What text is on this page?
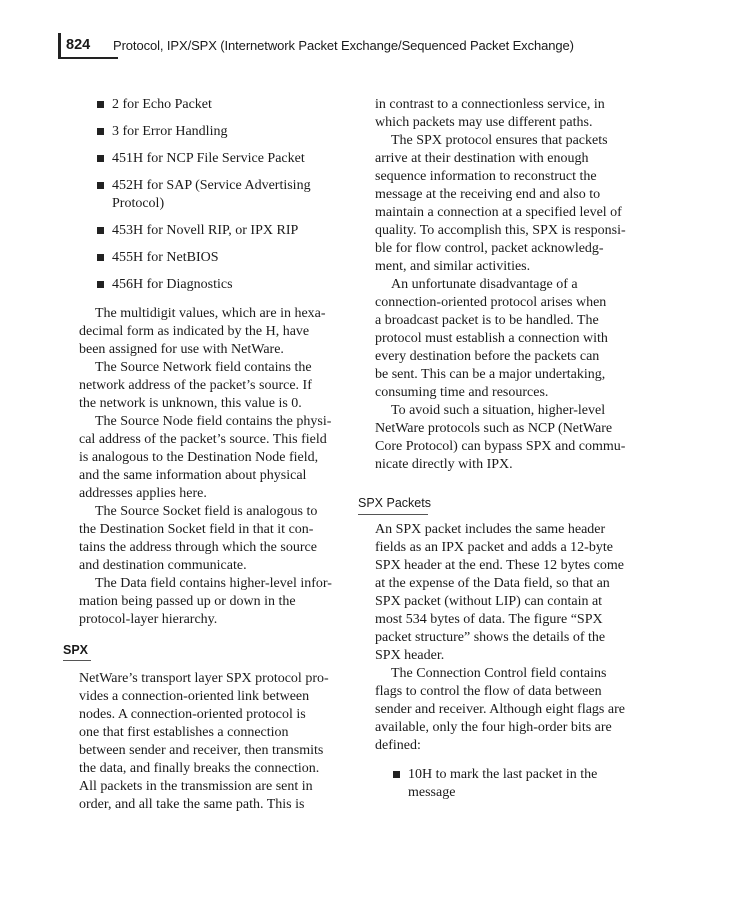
824 Protocol, IPX/SPX (Internetwork Packet Exchange/Sequenced Packet Exchange)
2 for Echo Packet
3 for Error Handling
451H for NCP File Service Packet
452H for SAP (Service Advertising
Protocol)
453H for Novell RIP, or IPX RIP
455H for NetBIOS
456H for Diagnostics
The multidigit values, which are in hexa-
decimal form as indicated by the H, have
been assigned for use with NetWare.
The Source Network field contains the
network address of the packet’s source. If
the network is unknown, this value is 0.
The Source Node field contains the physi-
cal address of the packet’s source. This field
is analogous to the Destination Node field,
and the same information about physical
addresses applies here.
The Source Socket field is analogous to
the Destination Socket field in that it con-
tains the address through which the source
and destination communicate.
The Data field contains higher-level infor-
mation being passed up or down in the
protocol-layer hierarchy.
SPX
NetWare’s transport layer SPX protocol pro-
vides a connection-oriented link between
nodes. A connection-oriented protocol is
one that first establishes a connection
between sender and receiver, then transmits
the data, and finally breaks the connection.
All packets in the transmission are sent in
order, and all take the same path. This is
in contrast to a connectionless service, in
which packets may use different paths.
The SPX protocol ensures that packets
arrive at their destination with enough
sequence information to reconstruct the
message at the receiving end and also to
maintain a connection at a specified level of
quality. To accomplish this, SPX is responsi-
ble for flow control, packet acknowledg-
ment, and similar activities.
An unfortunate disadvantage of a
connection-oriented protocol arises when
a broadcast packet is to be handled. The
protocol must establish a connection with
every destination before the packets can
be sent. This can be a major undertaking,
consuming time and resources.
To avoid such a situation, higher-level
NetWare protocols such as NCP (NetWare
Core Protocol) can bypass SPX and commu-
nicate directly with IPX.
SPX Packets
An SPX packet includes the same header
fields as an IPX packet and adds a 12-byte
SPX header at the end. These 12 bytes come
at the expense of the Data field, so that an
SPX packet (without LIP) can contain at
most 534 bytes of data. The figure “SPX
packet structure” shows the details of the
SPX header.
The Connection Control field contains
flags to control the flow of data between
sender and receiver. Although eight flags are
available, only the four high-order bits are
defined:
10H to mark the last packet in the
message
